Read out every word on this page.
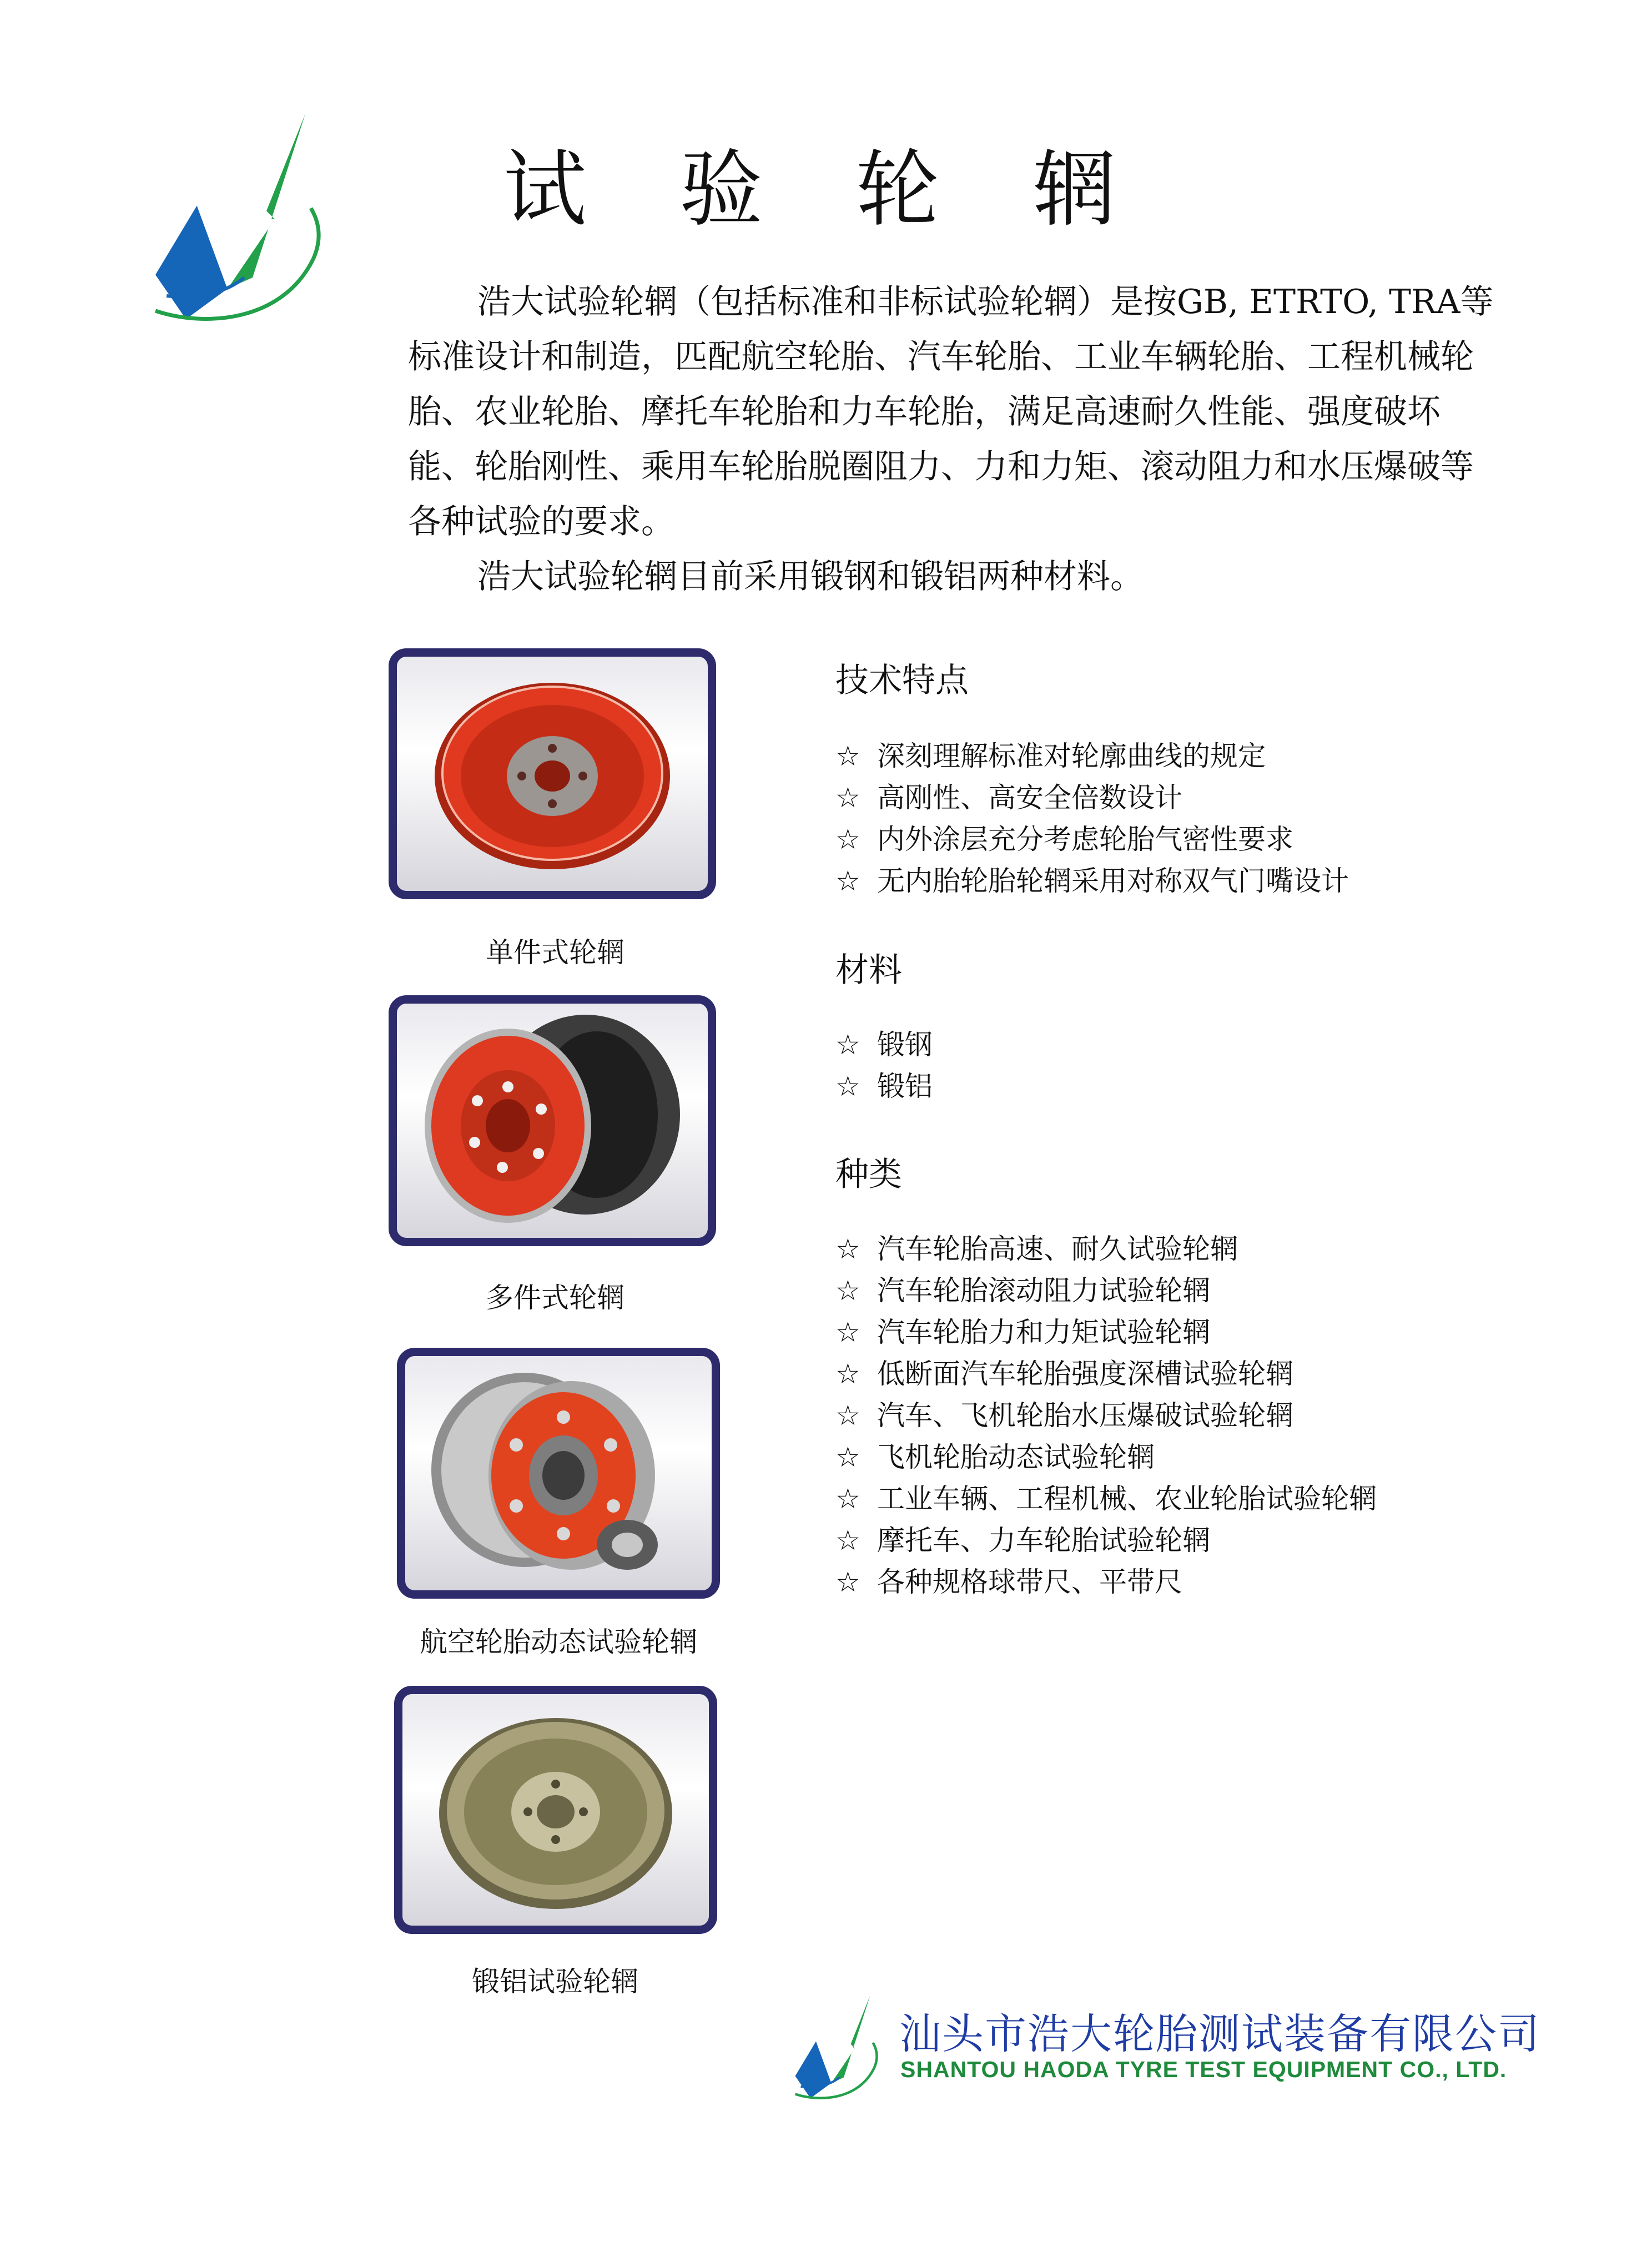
试 验 轮 辋

浩大试验轮辋（包括标准和非标试验轮辋）是按GB, ETRTO, TRA等标准设计和制造，匹配航空轮胎、汽车轮胎、工业车辆轮胎、工程机械轮胎、农业轮胎、摩托车轮胎和力车轮胎，满足高速耐久性能、强度破坏能、轮胎刚性、乘用车轮胎脱圈阻力、力和力矩、滚动阻力和水压爆破等各种试验的要求。

浩大试验轮辋目前采用锻钢和锻铝两种材料。

单件式轮辋
多件式轮辋
航空轮胎动态试验轮辋
锻铝试验轮辋
技术特点
☆ 深刻理解标准对轮廓曲线的规定
☆ 高刚性、高安全倍数设计
☆ 内外涂层充分考虑轮胎气密性要求
☆ 无内胎轮胎轮辋采用对称双气门嘴设计
材料
☆ 锻钢
☆ 锻铝
种类
☆ 汽车轮胎高速、耐久试验轮辋
☆ 汽车轮胎滚动阻力试验轮辋
☆ 汽车轮胎力和力矩试验轮辋
☆ 低断面汽车轮胎强度深槽试验轮辋
☆ 汽车、飞机轮胎水压爆破试验轮辋
☆ 飞机轮胎动态试验轮辋
☆ 工业车辆、工程机械、农业轮胎试验轮辋
☆ 摩托车、力车轮胎试验轮辋
☆ 各种规格球带尺、平带尺
汕头市浩大轮胎测试装备有限公司
SHANTOU HAODA TYRE TEST EQUIPMENT CO., LTD.
